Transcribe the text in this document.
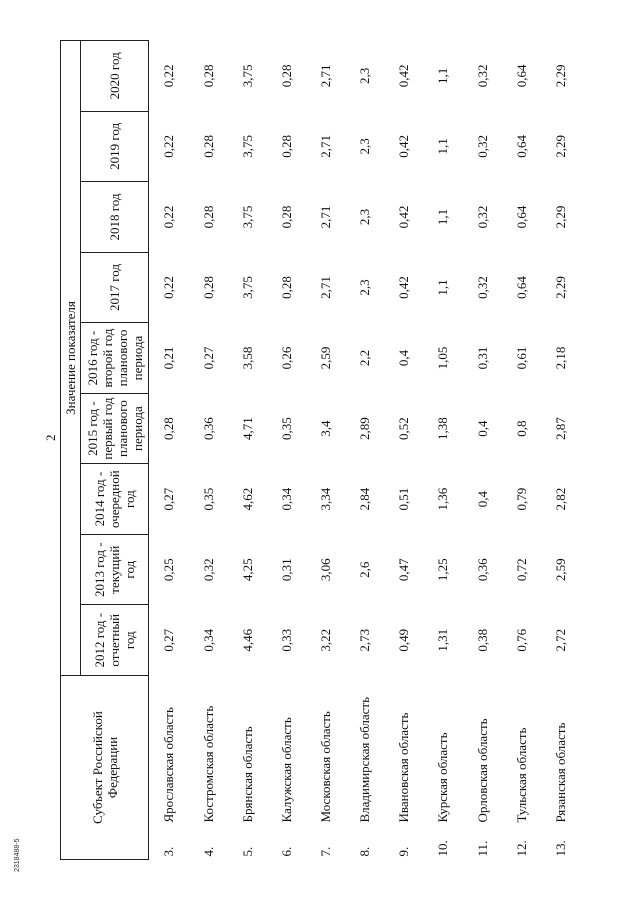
2
2318488-5
Субъект Российской Федерации		Значение показателя								
		2012 год - отчетный год	2013 год - текущий год	2014 год - очередной год	2015 год - первый год планового периода	2016 год - второй год планового периода	2017 год	2018 год	2019 год	2020 год
3.	Ярославская область	0,27	0,25	0,27	0,28	0,21	0,22	0,22	0,22	0,22
4.	Костромская область	0,34	0,32	0,35	0,36	0,27	0,28	0,28	0,28	0,28
5.	Брянская область	4,46	4,25	4,62	4,71	3,58	3,75	3,75	3,75	3,75
6.	Калужская область	0,33	0,31	0,34	0,35	0,26	0,28	0,28	0,28	0,28
7.	Московская область	3,22	3,06	3,34	3,4	2,59	2,71	2,71	2,71	2,71
8.	Владимирская область	2,73	2,6	2,84	2,89	2,2	2,3	2,3	2,3	2,3
9.	Ивановская область	0,49	0,47	0,51	0,52	0,4	0,42	0,42	0,42	0,42
10.	Курская область	1,31	1,25	1,36	1,38	1,05	1,1	1,1	1,1	1,1
11.	Орловская область	0,38	0,36	0,4	0,4	0,31	0,32	0,32	0,32	0,32
12.	Тульская область	0,76	0,72	0,79	0,8	0,61	0,64	0,64	0,64	0,64
13.	Рязанская область	2,72	2,59	2,82	2,87	2,18	2,29	2,29	2,29	2,29
